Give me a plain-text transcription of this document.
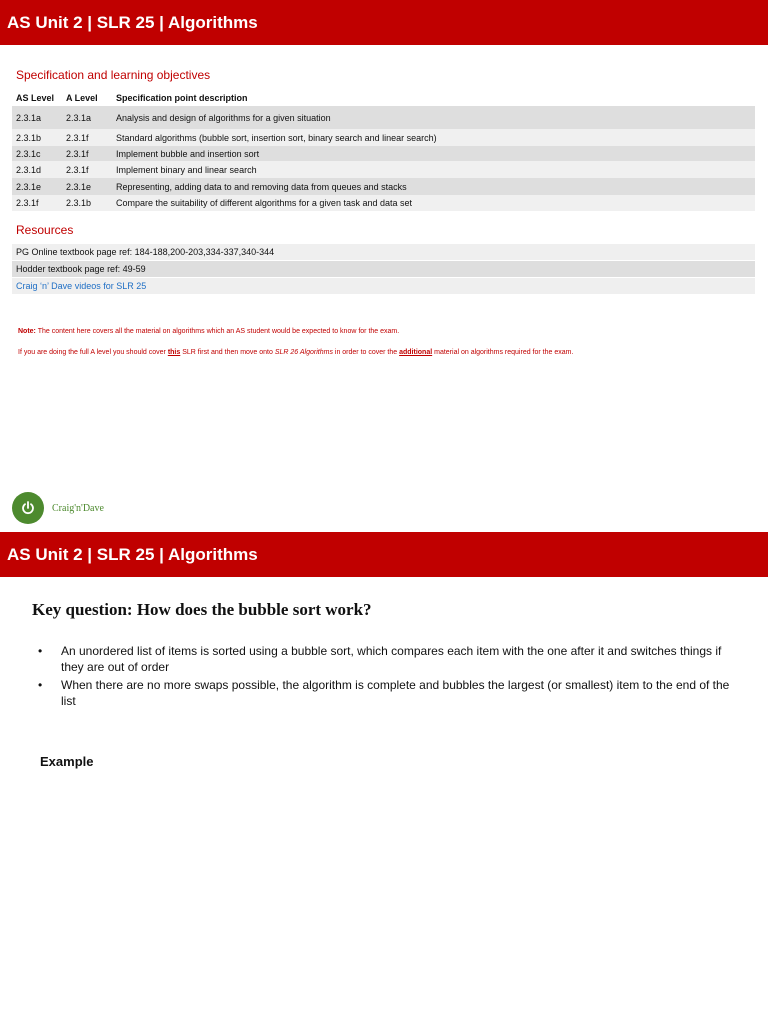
AS Unit 2 | SLR 25 | Algorithms
Specification and learning objectives
AS Level	A Level	Specification point description
2.3.1a	2.3.1a	Analysis and design of algorithms for a given situation
2.3.1b	2.3.1f	Standard algorithms (bubble sort, insertion sort, binary search and linear search)
2.3.1c	2.3.1f	Implement bubble and insertion sort
2.3.1d	2.3.1f	Implement binary and linear search
2.3.1e	2.3.1e	Representing, adding data to and removing data from queues and stacks
2.3.1f	2.3.1b	Compare the suitability of different algorithms for a given task and data set
Resources
PG Online textbook page ref: 184-188,200-203,334-337,340-344
Hodder textbook page ref: 49-59
Craig ‘n’ Dave videos for SLR 25
Note: The content here covers all the material on algorithms which an AS student would be expected to know for the exam.
If you are doing the full A level you should cover this SLR first and then move onto SLR 26 Algorithms in order to cover the additional material on algorithms required for the exam.
Craig'n'Dave
AS Unit 2 | SLR 25 | Algorithms
Key question: How does the bubble sort work?
• An unordered list of items is sorted using a bubble sort, which compares each item with the one after it and switches things if they are out of order
• When there are no more swaps possible, the algorithm is complete and bubbles the largest (or smallest) item to the end of the list
Example
